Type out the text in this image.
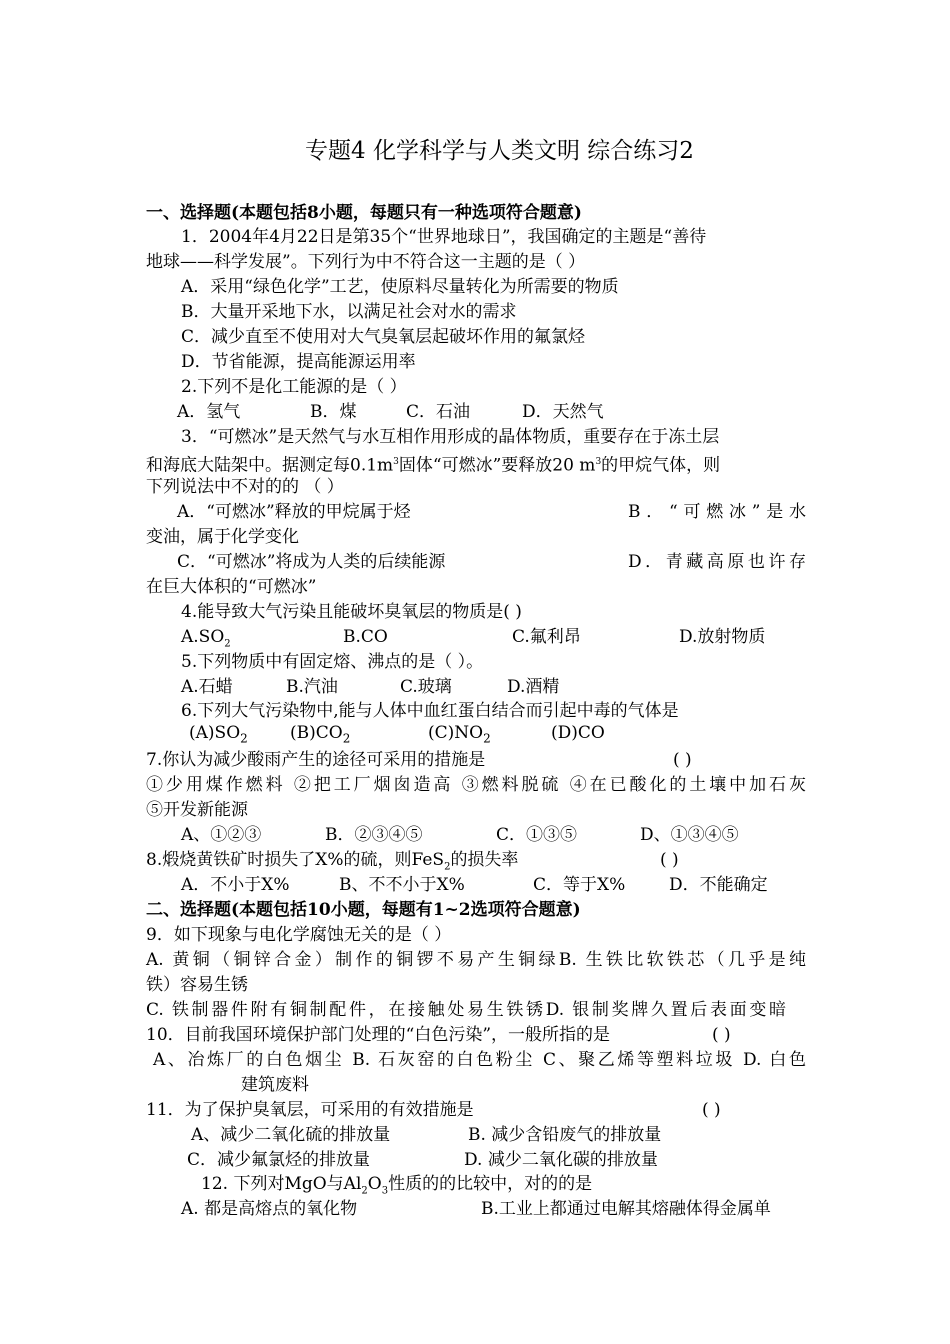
专题4 化学科学与人类文明 综合练习2
一、选择题(本题包括8小题，每题只有一种选项符合题意)
1．2004年4月22日是第35个“世界地球日”，我国确定的主题是“善待
地球——科学发展”。下列行为中不符合这一主题的是（ ）
A．采用“绿色化学”工艺，使原料尽量转化为所需要的物质
B．大量开采地下水，以满足社会对水的需求
C．减少直至不使用对大气臭氧层起破坏作用的氟氯烃
D．节省能源，提高能源运用率
2.下列不是化工能源的是（ ）
A．氢气	B．煤	C．石油	D．天然气
3．“可燃冰”是天然气与水互相作用形成的晶体物质，重要存在于冻土层
和海底大陆架中。据测定每$0.1m^3$固体“可燃冰”要释放20 $m^3$的甲烷气体，则
下列说法中不对的的 （ ）
A．“可燃冰”释放的甲烷属于烃	B．“可燃冰”是水
变油，属于化学变化
C．“可燃冰”将成为人类的后续能源	D．青藏高原也许存
在巨大体积的“可燃冰”
4.能导致大气污染且能破坏臭氧层的物质是( )
$A.SO_2$	B.CO	C.氟利昂	D.放射物质
5.下列物质中有固定熔、沸点的是（ ）。
A.石蜡	B.汽油	C.玻璃	D.酒精
6.下列大气污染物中,能与人体中血红蛋白结合而引起中毒的气体是
$(A)SO_2$ $(B)CO_2$	$(C)NO_2$	(D)CO
7.你认为减少酸雨产生的途径可采用的措施是	( )
①少用煤作燃料 ②把工厂烟囱造高 ③燃料脱硫 ④在已酸化的土壤中加石灰
⑤开发新能源
A、①②③	B．②③④⑤	C．①③⑤	D、①③④⑤
8.煅烧黄铁矿时损失了X%的硫，则FeS$_2$的损失率	( )
A．不小于X%	B、不不小于X%	C．等于X%	D．不能确定
二、选择题(本题包括10小题，每题有1~2选项符合题意)
9．如下现象与电化学腐蚀无关的是（ ）
A. 黄铜（铜锌合金）制作的铜锣不易产生铜绿B. 生铁比软铁芯（几乎是纯
铁）容易生锈
C. 铁制器件附有铜制配件，在接触处易生铁锈D. 银制奖牌久置后表面变暗
10．目前我国环境保护部门处理的“白色污染”，一般所指的是	( )
A、冶炼厂的白色烟尘 B. 石灰窑的白色粉尘 C、聚乙烯等塑料垃圾 D. 白色
建筑废料
11．为了保护臭氧层，可采用的有效措施是	( )
A、减少二氧化硫的排放量	B. 减少含铅废气的排放量
C．减少氟氯烃的排放量	D. 减少二氧化碳的排放量
12. 下列对MgO与$Al_2O_3$性质的的比较中，对的的是
A. 都是高熔点的氧化物	B.工业上都通过电解其熔融体得金属单
